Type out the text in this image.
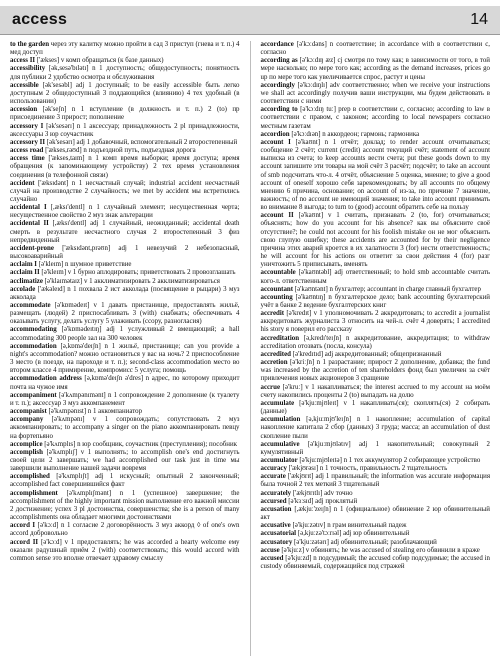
access	14

to the garden через эту калитку можно пройти в сад 3 приступ (гнева и т. п.) 4 мед доступ

access II ['ækses] v комп обращаться (к базе данных)

accessibility [ək,sesə'bɪlətɪ] n 1 доступность; общедоступность; понятность для публики 2 удобство осмотра и обслуживания

accessible [ək'sesəbl] adj 1 доступный; to be easily accessible быть легко доступным 2 общедоступный 3 поддающийся (влиянию) 4 тех удобный (в использовании)

accession [ək'seʃn] n 1 вступление (в должность и т. п.) 2 (to) пр присоединение 3 прирост; пополнение

accessory I [ək'sesərɪ] n 1 аксессуар; принадлежность 2 pl принадлежности, аксессуары 3 юр соучастник

accessory II [ək'sesərɪ] adj 1 добавочный, вспомогательный 2 второстепенный

access road ['ækses,rəʊd] n подъездной путь, подъездная дорога

access time ['ækses,taɪm] n 1 комп время выборки; время доступа; время обращения (к запоминающему устройству) 2 тех время установления соединения (в телефонной связи)

accident ['æksɪdənt] n 1 несчастный случай; industrial accident несчастный случай на производстве 2 случайность; we met by accident мы встретились случайно

accidental I [,æksɪ'dentl] n 1 случайный элемент; несущественная черта; несущественное свойство 2 муз знак альтерации

accidental II [,æksɪ'dentl] adj 1 случайный, неожиданный; accidental death смерть в результате несчастного случая 2 второстепенный 3 физ непредвиденный

accident-prone ['æksɪdənt,prəʊn] adj 1 невезучий 2 небезопасный, высокоаварийный

acclaim I [ə'kleɪm] n шумное приветствие

acclaim II [ə'kleɪm] v 1 бурно аплодировать; приветствовать 2 провозглашать

acclimatize [ə'klaɪmətaɪz] v 1 акклиматизировать 2 акклиматизироваться

accolade ['ækəleɪd] n 1 похвала 2 ист акколада (посвящение в рыцари) 3 муз акколада

accommodate [ə'kɒmədeɪt] v 1 давать пристанище, предоставлять жильё, размещать (людей) 2 приспосабливать 3 (with) снабжать; обеспечивать 4 оказывать услугу, делать услугу 5 улаживать (ссору, разногласия)

accommodating [ə'kɒmədeɪtɪŋ] adj 1 услужливый 2 вмещающий; a hall accommodating 300 people зал на 300 человек

accommodation [ə,kɒmə'deɪʃn] n 1 жильё, пристанище; can you provide a night's accommodation? можно остановиться у вас на ночь? 2 приспособление 3 место (в поезде, на пароходе и т. п.); second-class accommodation место во втором классе 4 примирение, компромисс 5 услуга; помощь

accommodation address [ə,kɒmə'deɪʃn ə'dres] n адрес, по которому приходит почта на чужое имя

accompaniment [ə'kʌmpənɪmənt] n 1 сопровождение 2 дополнение (к туалету и т. п.); аксессуар 3 муз аккомпанемент

accompanist [ə'kʌmpənɪst] n 1 аккомпаниатор

accompany [ə'kʌmpənɪ] v 1 сопровождать; сопутствовать 2 муз аккомпанировать; to accompany a singer on the piano аккомпанировать певцу на фортепьяно

accomplice [ə'kʌmplɪs] n юр сообщник, соучастник (преступления); пособник

accomplish [ə'kʌmplɪʃ] v 1 выполнять; to accomplish one's end достигнуть своей цели 2 завершать; we had accomplished our task just in time мы завершили выполнение нашей задачи вовремя

accomplished [ə'kʌmplɪʃt] adj 1 искусный; опытный 2 законченный; accomplished fact совершившийся факт

accomplishment [ə'kʌmplɪʃmənt] n 1 (успешное) завершение; the accomplishment of the highly important mission выполнение его важной миссии 2 достижение; успех 3 pl достоинства, совершенства; she is a person of many accomplishments она обладает многими достоинствами

accord I [ə'kɔːd] n 1 согласие 2 договорённость 3 муз аккорд ◊ of one's own accord добровольно

accord II [ə'kɔːd] v 1 предоставлять; he was accorded a hearty welcome ему оказали радушный приём 2 (with) соответствовать; this would accord with common sense это вполне отвечает здравому смыслу

accordance [ə'kɔːdəns] n соответствие; in accordance with в соответствии с, согласно

according as [ə'kɔːdɪŋ æz] cj смотря по тому как; в зависимости от того, в той мере насколько; по мере того как; according as the demand increases, prices go up по мере того как увеличивается спрос, растут и цены

accordingly [ə'kɔːdɪŋlɪ] adv соответственно; when we receive your instructions we shall act accordingly получив ваши инструкции, мы будем действовать в соответствии с ними

according to [ə'kɔːdɪŋ tuː] prep в соответствии с, согласно; according to law в соответствии с правом, с законом; according to local newspapers согласно местным газетам

accordion [ə'kɔːdɪən] n аккордеон; гармонь; гармоника

account I [ə'kaʊnt] n 1 отчёт; доклад; to render account отчитываться; сообщение 2 счёт; current (credit) account текущий счёт; statement of account выписка из счета; to keep accounts вести счета; put these goods down to my account запишите эти товары на мой счёт 3 расчёт; подсчёт; to take an account of smb подсчитать что-л. 4 отчёт, объяснение 5 оценка, мнение; to give a good account of oneself хорошо себя зарекомендовать; by all accounts по общему мнению 6 причина, основание; on account of из-за, по причине 7 значение, важность; of no account не имеющий значения; to take into account принимать во внимание 8 выгода; to turn to (good) account обратить себе на пользу

account II [ə'kaʊnt] v 1 считать, признавать 2 (to, for) отчитываться; объяснять; how do you account for his absence? как вы объясните своё отсутствие?; he could not account for his foolish mistake он не мог объяснить свою глупую ошибку; these accidents are accounted for by their negligence причина этих аварий кроется в их халатности 3 (for) нести ответственность; he will account for his actions он ответит за свои действия 4 (for) разг уничтожить 5 приписывать, вменять

accountable [ə'kaʊntəbl] adj ответственный; to hold smb accountable считать кого-л. ответственным

accountant [ə'kaʊntənt] n бухгалтер; accountant in charge главный бухгалтер

accounting [ə'kaʊntɪŋ] n бухгалтерское дело; bank accounting бухгалтерский учёт в банке 2 ведение бухгалтерских книг

accredit [ə'kredɪt] v 1 уполномочивать 2 аккредитовать; to accredit a journalist аккредитовать журналиста 3 относить на чей-л. счёт 4 доверять; I accredited his story я поверил его рассказу

accreditation [ə,kredɪ'teɪʃn] n аккредитование, аккредитация; to withdraw accreditation отозвать (посла, консула)

accredited [ə'kredɪtɪd] adj аккредитованный; общепризнанный

accretion [ə'kriːʃn] n 1 разрастание; прирост 2 дополнение, добавка; the fund was increased by the accretion of ten shareholders фонд был увеличен за счёт привлечения новых акционеров 3 сращение

accrue [ə'kruː] v 1 накапливаться; the interest accrued to my account на моём счету накопились проценты 2 (to) выпадать на долю

accumulate [ə'kjuːmjʊleɪt] v 1 накапливать(ся); скоплять(ся) 2 собирать (данные)

accumulation [ə,kjuːmjʊ'leɪʃn] n 1 накопление; accumulation of capital накопление капитала 2 сбор (данных) 3 груда; масса; an accumulation of dust скопление пыли

accumulative [ə'kjuːmjʊlətɪv] adj 1 накопительный; совокупный 2 кумулятивный

accumulator [ə'kjuːmjʊleɪtə] n 1 тех аккумулятор 2 собирающее устройство

accuracy ['ækjʊrəsɪ] n 1 точность, правильность 2 тщательность

accurate ['ækjʊrɪt] adj 1 правильный; the information was accurate информация была точной 2 тех меткий 3 тщательный

accurately ['ækjʊrɪtlɪ] adv точно

accursed [ə'kɜːsɪd] adj проклятый

accusation [,ækjuː'zeɪʃn] n 1 (официальное) обвинение 2 юр обвинительный акт

accusative [ə'kjuːzətɪv] n грам винительный падеж

accusatorial [ə,kjuːzə'tɔːrɪəl] adj юр обвинительный

accusatory [ə'kjuːzətərɪ] adj обвинительный; разоблачающий

accuse [ə'kjuːz] v обвинять; he was accused of stealing его обвинили в краже

accused [ə'kjuːzd] n подсудимый; the accused собир подсудимые; the accused in custody обвиняемый, содержащийся под стражей
